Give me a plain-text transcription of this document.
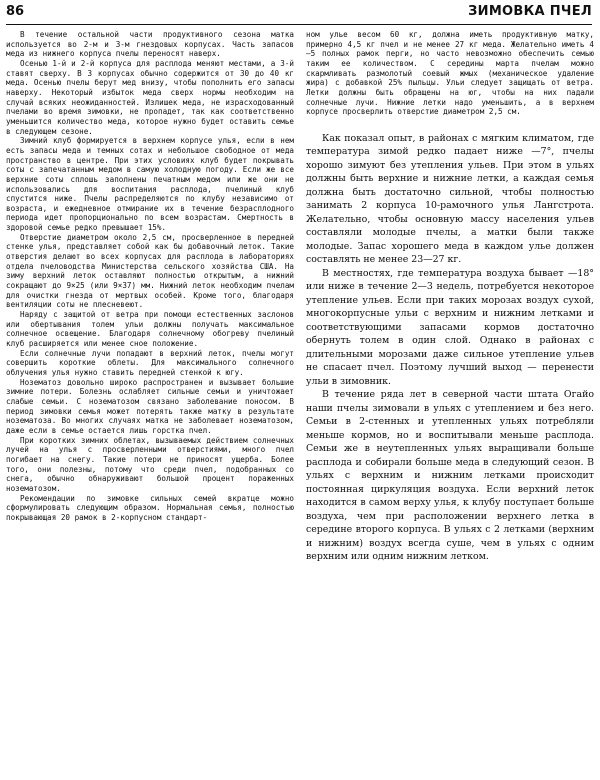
86	ЗИМОВКА ПЧЕЛ

В течение остальной части продуктивного сезона матка используется во 2-м и 3-м гнездовых корпусах. Часть запасов меда из нижнего корпуса пчелы переносят наверх.

Осенью 1-й и 2-й корпуса для расплода меняют местами, а 3-й ставят сверху. В 3 корпусах обычно содержится от 30 до 40 кг меда. Осенью пчелы берут мед внизу, чтобы пополнить его запасы наверху. Некоторый избыток меда сверх нормы необходим на случай всяких неожиданностей. Излишек меда, не израсходованный пчелами во время зимовки, не пропадет, так как соответственно уменьшится количество меда, которое нужно будет оставить семье в следующем сезоне.

Зимний клуб формируется в верхнем корпусе улья, если в нем есть запасы меда и темных сотах и небольшое свободное от меда пространство в центре. При этих условиях клуб будет покрывать соты с запечатанным медом в самую холодную погоду. Если же все верхние соты сплошь заполнены печатным медом или же они не использовались для воспитания расплода, пчелиный клуб спустится ниже. Пчелы распределяются по клубу независимо от возраста, и ежедневное отмирание их в течение безрасплодного периода идет пропорционально по всем возрастам. Смертность в здоровой семье редко превышает 15%.

Отверстие диаметром около 2,5 см, просверленное в передней стенке улья, представляет собой как бы добавочный леток. Такие отверстия делают во всех корпусах для расплода в лабораториях отдела пчеловодства Министерства сельского хозяйства США. На зиму верхний леток оставляют полностью открытым, а нижний сокращают до 9×25 (или 9×37) мм. Нижний леток необходим пчелам для очистки гнезда от мертвых особей. Кроме того, благодаря вентиляции соты не плесневеют.

Наряду с защитой от ветра при помощи естественных заслонов или обертывания толем ульи должны получать максимальное солнечное освещение. Благодаря солнечному обогреву пчелиный клуб расширяется или менее сное положение.

Если солнечные лучи попадают в верхний леток, пчелы могут совершить короткие облеты. Для максимального солнечного облучения улья нужно ставить передней стенкой к югу.

Нозематоз довольно широко распространен и вызывает большие зимние потери. Болезнь ослабляет сильные семьи и уничтожает слабые семьи. С нозематозом связано заболевание поносом. В период зимовки семья может потерять также матку в результате нозематоза. Во многих случаях матка не заболевает нозематозом, даже если в семье остается лишь горстка пчел.

При коротких зимних облетах, вызываемых действием солнечных лучей на улья с просверленными отверстиями, много пчел погибает на снегу. Такие потери не приносят ущерба. Более того, они полезны, потому что среди пчел, подобранных со снега, обычно обнаруживают большой процент пораженных нозематозом.

Рекомендации по зимовке сильных семей вкратце можно сформулировать следующим образом. Нормальная семья, полностью покрывающая 20 рамок в 2-корпусном стандарт-

ном улье весом 60 кг, должна иметь продуктивную матку, примерно 4,5 кг пчел и не менее 27 кг меда. Желательно иметь 4—5 полных рамок перги, но часто невозможно обеспечить семью таким ее количеством. С середины марта пчелам можно скармливать размолотый соевый жмых (механическое удаление жира) с добавкой 25% пыльцы. Ульи следует защищать от ветра. Летки должны быть обращены на юг, чтобы на них падали солнечные лучи. Нижние летки надо уменьшить, а в верхнем корпусе просверлить отверстие диаметром 2,5 см.

Как показал опыт, в районах с мягким климатом, где температура зимой редко падает ниже —7°, пчелы хорошо зимуют без утепления ульев. При этом в ульях должны быть верхние и нижние летки, а каждая семья должна быть достаточно сильной, чтобы полностью занимать 2 корпуса 10-рамочного улья Лангстрота. Желательно, чтобы основную массу населения ульев составляли молодые пчелы, а матки были также молодые. Запас хорошего меда в каждом улье должен составлять не менее 23—27 кг.

В местностях, где температура воздуха бывает —18° или ниже в течение 2—3 недель, потребуется некоторое утепление ульев. Если при таких морозах воздух сухой, многокорпусные ульи с верхним и нижним летками и соответствующими запасами кормов достаточно обернуть толем в один слой. Однако в районах с длительными морозами даже сильное утепление ульев не спасает пчел. Поэтому лучший выход — перенести ульи в зимовник.

В течение ряда лет в северной части штата Огайо наши пчелы зимовали в ульях с утеплением и без него. Семьи в 2-стенных и утепленных ульях потребляли меньше кормов, но и воспитывали меньше расплода. Семьи же в неутепленных ульях выращивали больше расплода и собирали больше меда в следующий сезон. В ульях с верхним и нижним летками происходит постоянная циркуляция воздуха. Если верхний леток находится в самом верху улья, к клубу поступает больше воздуха, чем при расположении верхнего летка в середине второго корпуса. В ульях с 2 летками (верхним и нижним) воздух всегда суше, чем в ульях с одним верхним или одним нижним летком.
